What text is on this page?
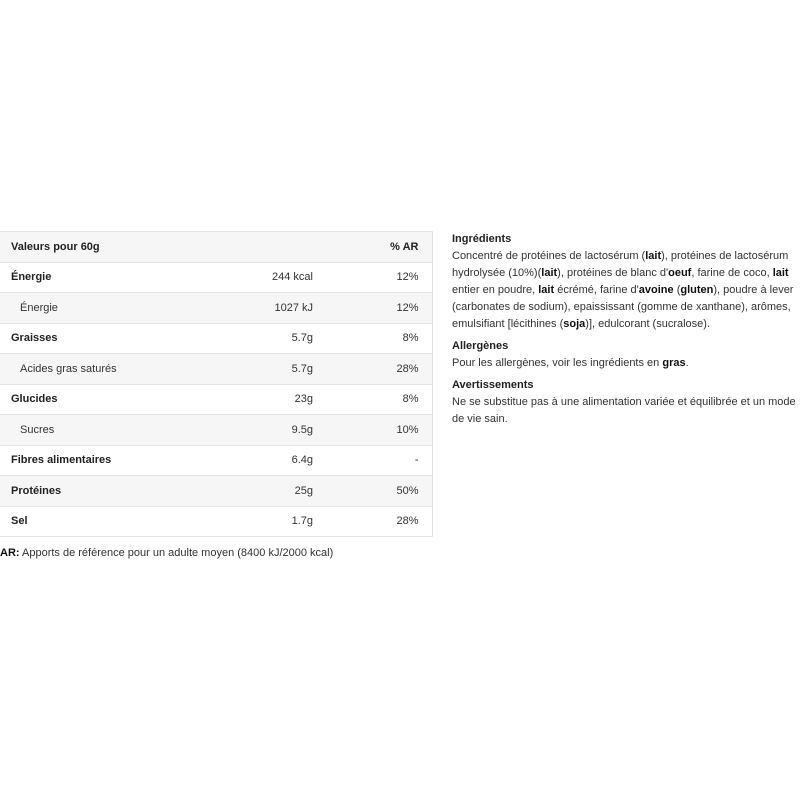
Valeurs pour 60g		% AR
Énergie	244 kcal	12%
Énergie	1027 kJ	12%
Graisses	5.7g	8%
Acides gras saturés	5.7g	28%
Glucides	23g	8%
Sucres	9.5g	10%
Fibres alimentaires	6.4g	-
Protéines	25g	50%
Sel	1.7g	28%

AR: Apports de référence pour un adulte moyen (8400 kJ/2000 kcal)

Ingrédients

Concentré de protéines de lactosérum (lait), protéines de lactosérum hydrolysée (10%)(lait), protéines de blanc d'oeuf, farine de coco, lait entier en poudre, lait écrémé, farine d'avoine (gluten), poudre à lever (carbonates de sodium), epaississant (gomme de xanthane), arômes, emulsifiant [lécithines (soja)], edulcorant (sucralose).

Allergènes

Pour les allergènes, voir les ingrédients en gras.

Avertissements

Ne se substitue pas à une alimentation variée et équilibrée et un mode de vie sain.
